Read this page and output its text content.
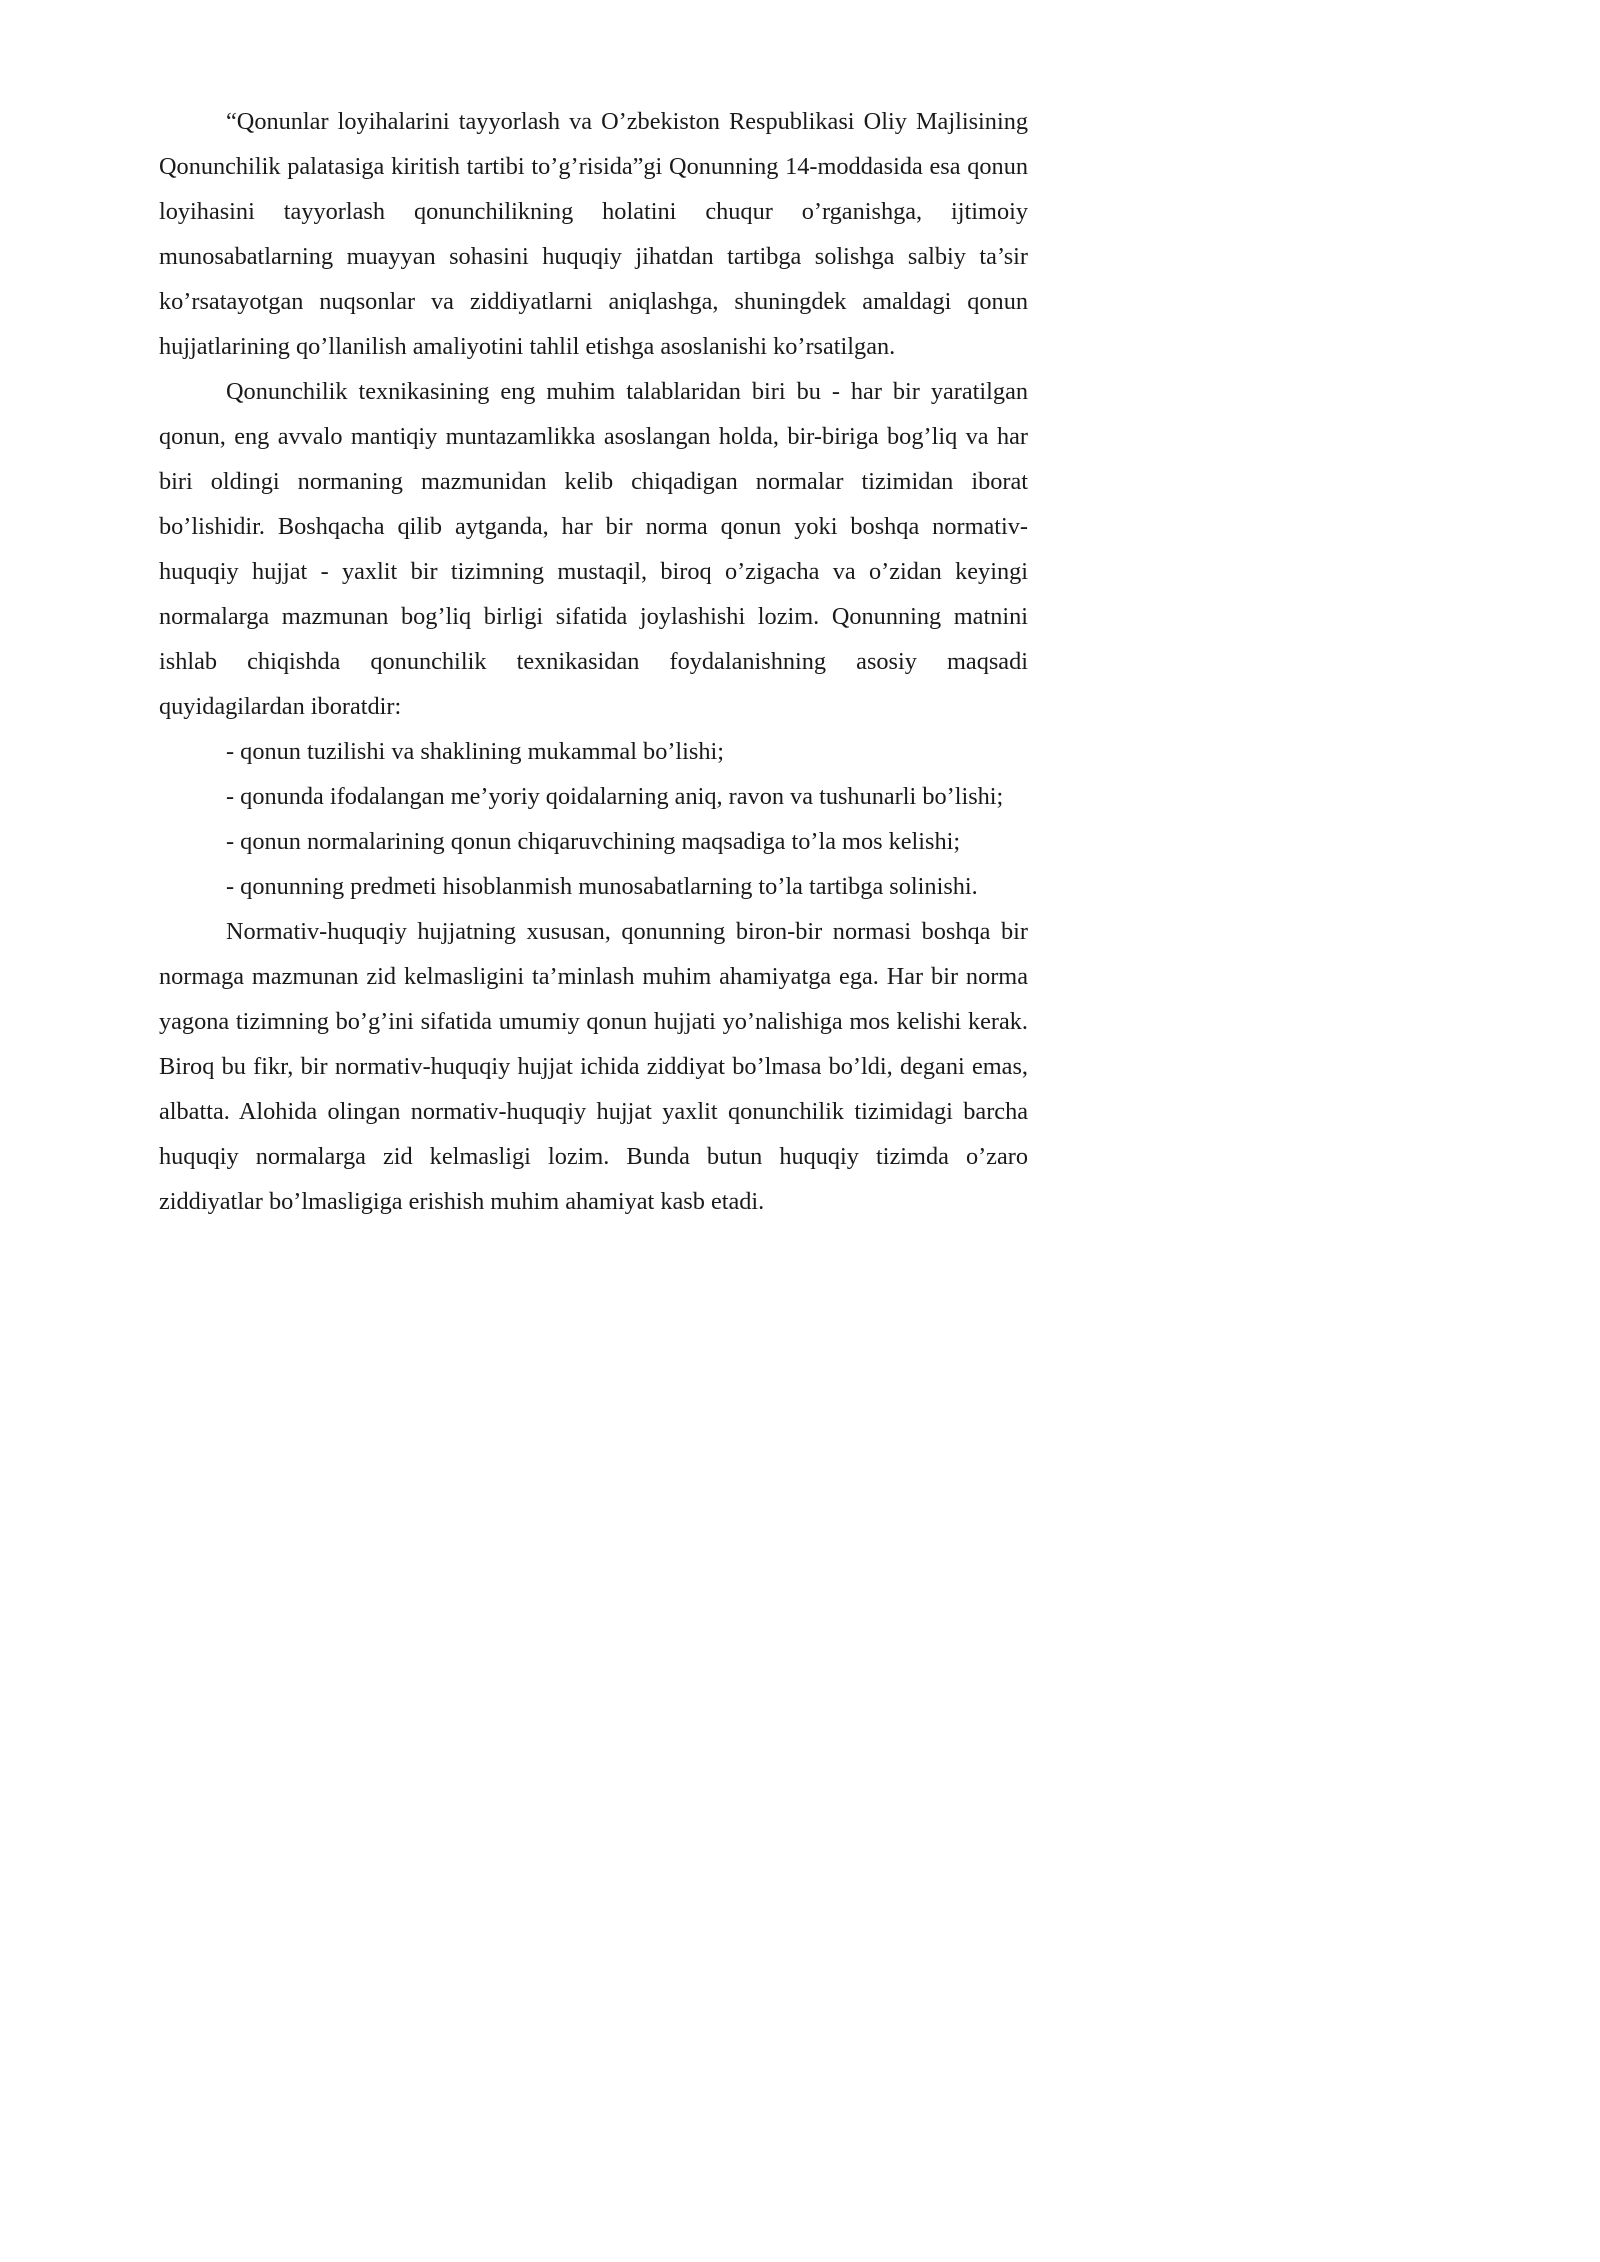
“Qonunlar loyihalarini tayyorlash va O’zbekiston Respublikasi Oliy Majlisining Qonunchilik palatasiga kiritish tartibi to’g’risida”gi Qonunning 14-moddasida esa qonun loyihasini tayyorlash qonunchilikning holatini chuqur o’rganishga, ijtimoiy munosabatlarning muayyan sohasini huquqiy jihatdan tartibga solishga salbiy ta’sir ko’rsatayotgan nuqsonlar va ziddiyatlarni aniqlashga, shuningdek amaldagi qonun hujjatlarining qo’llanilish amaliyotini tahlil etishga asoslanishi ko’rsatilgan.

Qonunchilik texnikasining eng muhim talablaridan biri bu - har bir yaratilgan qonun, eng avvalo mantiqiy muntazamlikka asoslangan holda, bir-biriga bog’liq va har biri oldingi normaning mazmunidan kelib chiqadigan normalar tizimidan iborat bo’lishidir. Boshqacha qilib aytganda, har bir norma qonun yoki boshqa normativ-huquqiy hujjat - yaxlit bir tizimning mustaqil, biroq o’zigacha va o’zidan keyingi normalarga mazmunan bog’liq birligi sifatida joylashishi lozim. Qonunning matnini ishlab chiqishda qonunchilik texnikasidan foydalanishning asosiy maqsadi quyidagilardan iboratdir:

- qonun tuzilishi va shaklining mukammal bo’lishi;

- qonunda ifodalangan me’yoriy qoidalarning aniq, ravon va tushunarli bo’lishi;

- qonun normalarining qonun chiqaruvchining maqsadiga to’la mos kelishi;

- qonunning predmeti hisoblanmish munosabatlarning to’la tartibga solinishi.

Normativ-huquqiy hujjatning xususan, qonunning biron-bir normasi boshqa bir normaga mazmunan zid kelmasligini ta’minlash muhim ahamiyatga ega. Har bir norma yagona tizimning bo’g’ini sifatida umumiy qonun hujjati yo’nalishiga mos kelishi kerak. Biroq bu fikr, bir normativ-huquqiy hujjat ichida ziddiyat bo’lmasa bo’ldi, degani emas, albatta. Alohida olingan normativ-huquqiy hujjat yaxlit qonunchilik tizimidagi barcha huquqiy normalarga zid kelmasligi lozim. Bunda butun huquqiy tizimda o’zaro ziddiyatlar bo’lmasligiga erishish muhim ahamiyat kasb etadi.
